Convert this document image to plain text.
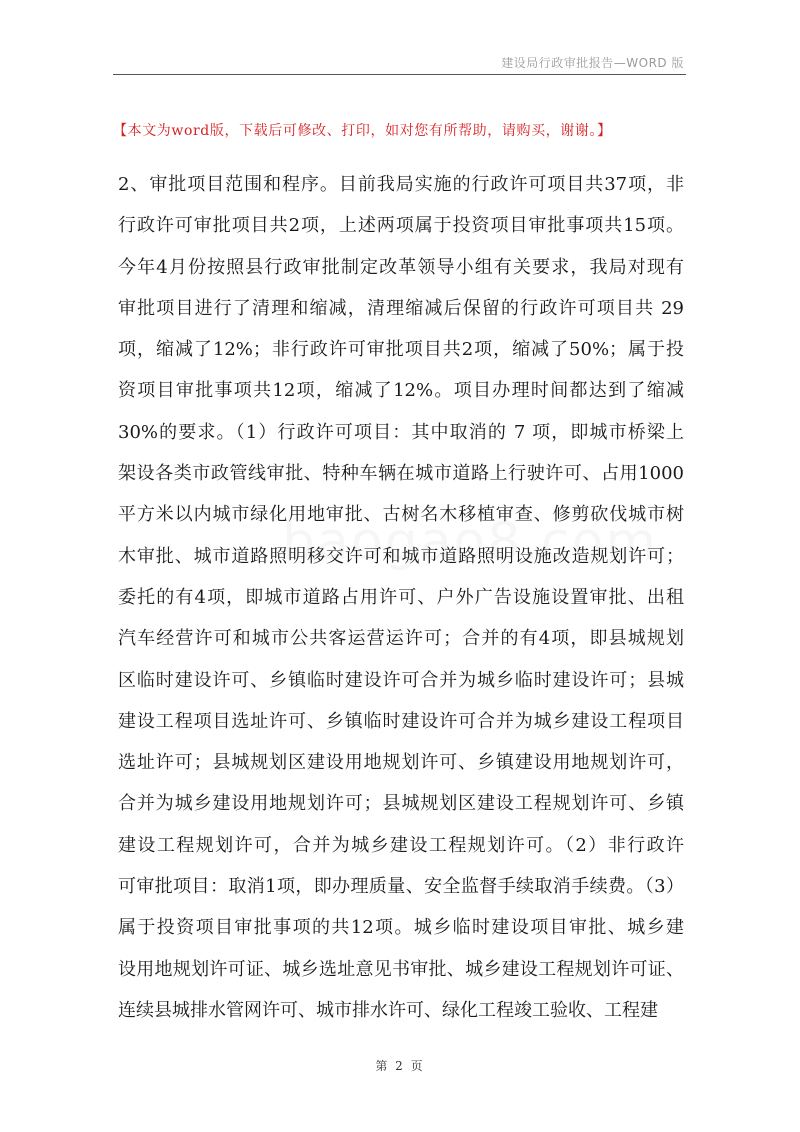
建设局行政审批报告—WORD 版
【本文为word版，下载后可修改、打印，如对您有所帮助，请购买，谢谢。】
2、审批项目范围和程序。目前我局实施的行政许可项目共37项，非
行政许可审批项目共2项，上述两项属于投资项目审批事项共15项。
今年4月份按照县行政审批制定改革领导小组有关要求，我局对现有
审批项目进行了清理和缩减，清理缩减后保留的行政许可项目共 29
项，缩减了12%；非行政许可审批项目共2项，缩减了50%；属于投
资项目审批事项共12项，缩减了12%。项目办理时间都达到了缩减
30%的要求。（1）行政许可项目：其中取消的 7 项，即城市桥梁上
架设各类市政管线审批、特种车辆在城市道路上行驶许可、占用1000
平方米以内城市绿化用地审批、古树名木移植审查、修剪砍伐城市树
木审批、城市道路照明移交许可和城市道路照明设施改造规划许可；
委托的有4项，即城市道路占用许可、户外广告设施设置审批、出租
汽车经营许可和城市公共客运营运许可；合并的有4项，即县城规划
区临时建设许可、乡镇临时建设许可合并为城乡临时建设许可；县城
建设工程项目选址许可、乡镇临时建设许可合并为城乡建设工程项目
选址许可；县城规划区建设用地规划许可、乡镇建设用地规划许可，
合并为城乡建设用地规划许可；县城规划区建设工程规划许可、乡镇
建设工程规划许可，合并为城乡建设工程规划许可。（2）非行政许
可审批项目：取消1项，即办理质量、安全监督手续取消手续费。（3）
属于投资项目审批事项的共12项。城乡临时建设项目审批、城乡建
设用地规划许可证、城乡选址意见书审批、城乡建设工程规划许可证、
连续县城排水管网许可、城市排水许可、绿化工程竣工验收、工程建
第 2 页
